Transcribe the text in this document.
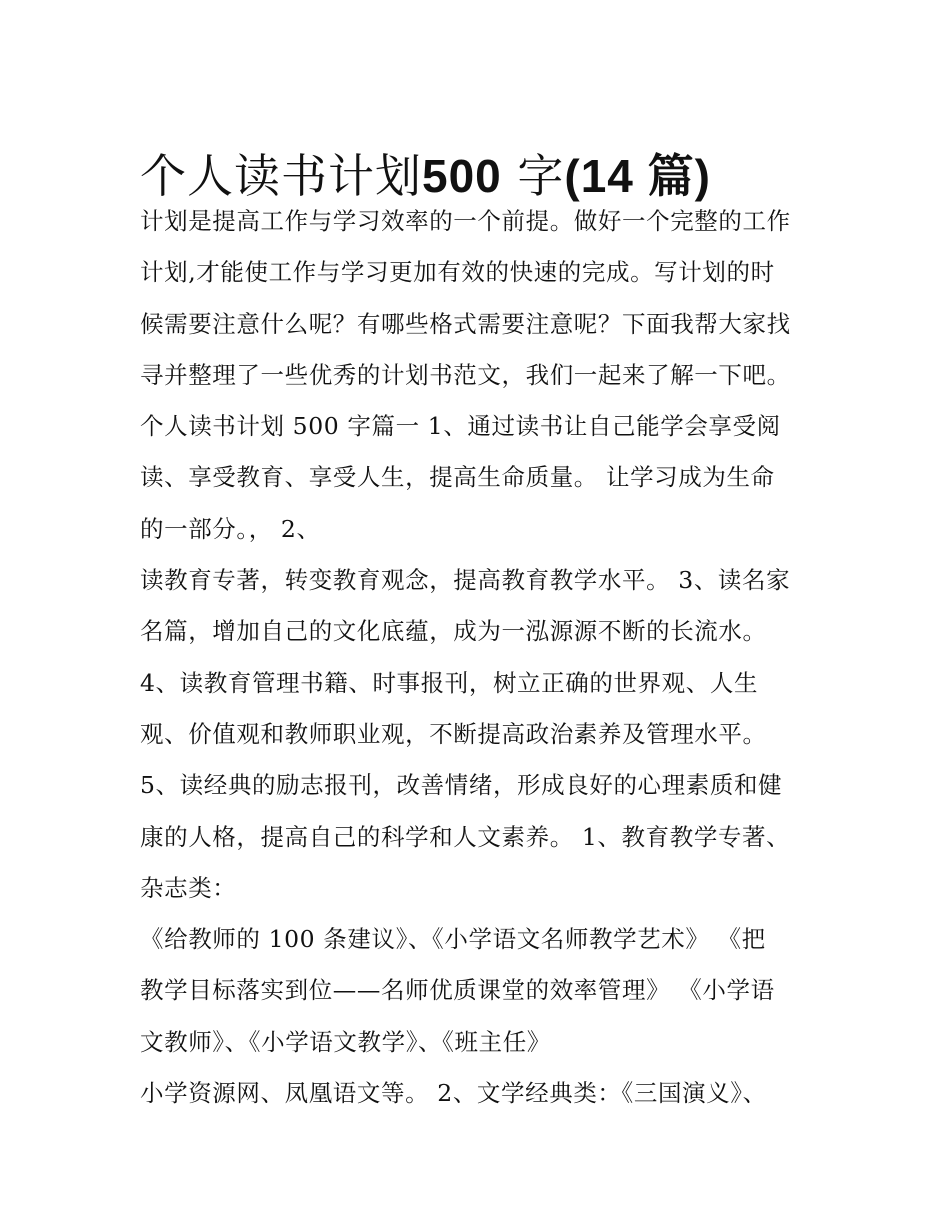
个人读书计划500 字(14 篇)
计划是提高工作与学习效率的一个前提。做好一个完整的工作
计划,才能使工作与学习更加有效的快速的完成。写计划的时
候需要注意什么呢？有哪些格式需要注意呢？下面我帮大家找
寻并整理了一些优秀的计划书范文，我们一起来了解一下吧。
个人读书计划 500 字篇一 1、通过读书让自己能学会享受阅
读、享受教育、享受人生，提高生命质量。 让学习成为生命
的一部分。， 2、
读教育专著，转变教育观念，提高教育教学水平。 3、读名家
名篇，增加自己的文化底蕴，成为一泓源源不断的长流水。
4、读教育管理书籍、时事报刊，树立正确的世界观、人生
观、价值观和教师职业观，不断提高政治素养及管理水平。
5、读经典的励志报刊，改善情绪，形成良好的心理素质和健
康的人格，提高自己的科学和人文素养。 1、教育教学专著、
杂志类：
《给教师的 100 条建议》、《小学语文名师教学艺术》 《把
教学目标落实到位——名师优质课堂的效率管理》 《小学语
文教师》、《小学语文教学》、《班主任》
小学资源网、凤凰语文等。 2、文学经典类：《三国演义》、
